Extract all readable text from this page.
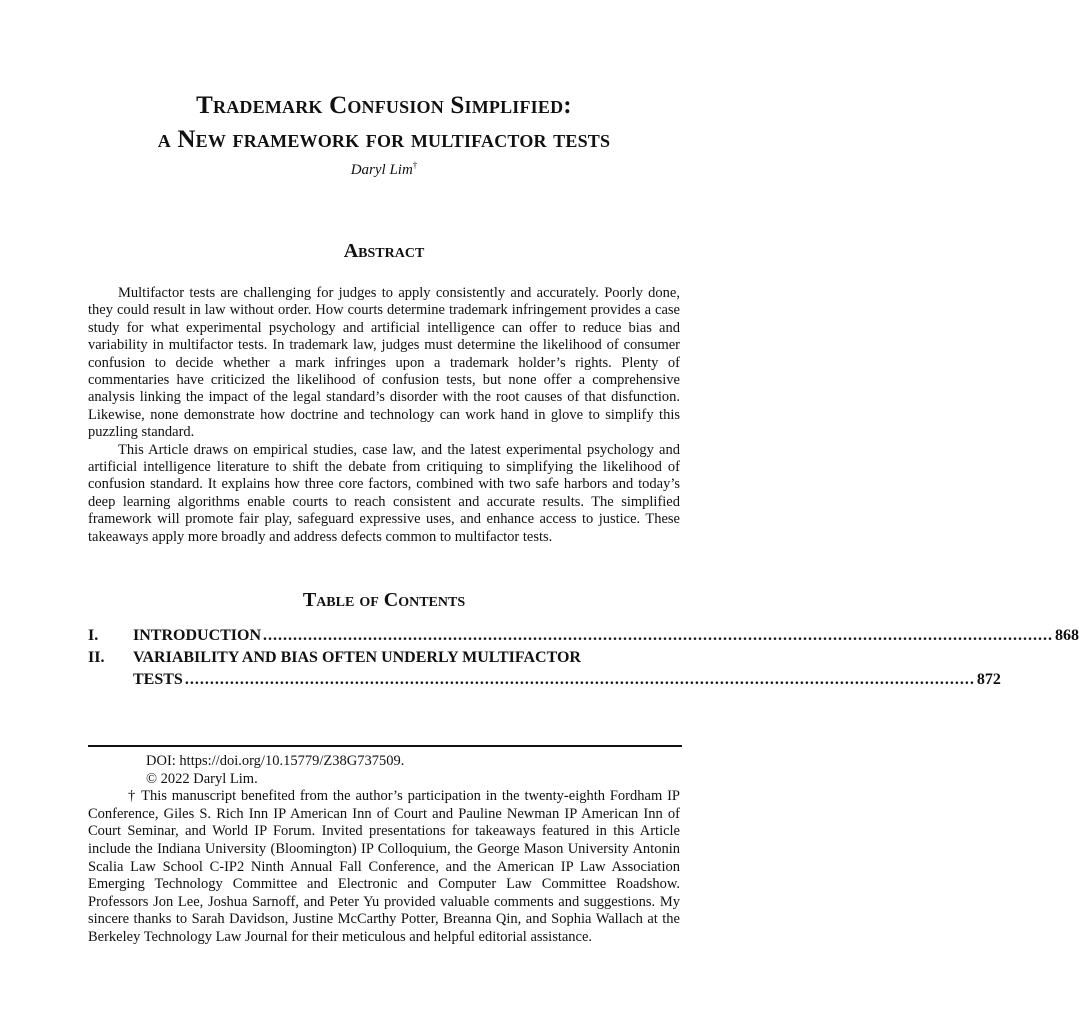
Trademark Confusion Simplified:
a New framework for multifactor tests
Daryl Lim†
Abstract

Multifactor tests are challenging for judges to apply consistently and accurately. Poorly done, they could result in law without order. How courts determine trademark infringement provides a case study for what experimental psychology and artificial intelligence can offer to reduce bias and variability in multifactor tests. In trademark law, judges must determine the likelihood of consumer confusion to decide whether a mark infringes upon a trademark holder’s rights. Plenty of commentaries have criticized the likelihood of confusion tests, but none offer a comprehensive analysis linking the impact of the legal standard’s disorder with the root causes of that disfunction. Likewise, none demonstrate how doctrine and technology can work hand in glove to simplify this puzzling standard.

This Article draws on empirical studies, case law, and the latest experimental psychology and artificial intelligence literature to shift the debate from critiquing to simplifying the likelihood of confusion standard. It explains how three core factors, combined with two safe harbors and today’s deep learning algorithms enable courts to reach consistent and accurate results. The simplified framework will promote fair play, safeguard expressive uses, and enhance access to justice. These takeaways apply more broadly and address defects common to multifactor tests.

Table of Contents
I.	INTRODUCTION .....	868
II.	VARIABILITY AND BIAS OFTEN UNDERLY MULTIFACTOR
TESTS .....	872

DOI: https://doi.org/10.15779/Z38G737509.

© 2022 Daryl Lim.

† This manuscript benefited from the author’s participation in the twenty-eighth Fordham IP Conference, Giles S. Rich Inn IP American Inn of Court and Pauline Newman IP American Inn of Court Seminar, and World IP Forum. Invited presentations for takeaways featured in this Article include the Indiana University (Bloomington) IP Colloquium, the George Mason University Antonin Scalia Law School C-IP2 Ninth Annual Fall Conference, and the American IP Law Association Emerging Technology Committee and Electronic and Computer Law Committee Roadshow. Professors Jon Lee, Joshua Sarnoff, and Peter Yu provided valuable comments and suggestions. My sincere thanks to Sarah Davidson, Justine McCarthy Potter, Breanna Qin, and Sophia Wallach at the Berkeley Technology Law Journal for their meticulous and helpful editorial assistance.
